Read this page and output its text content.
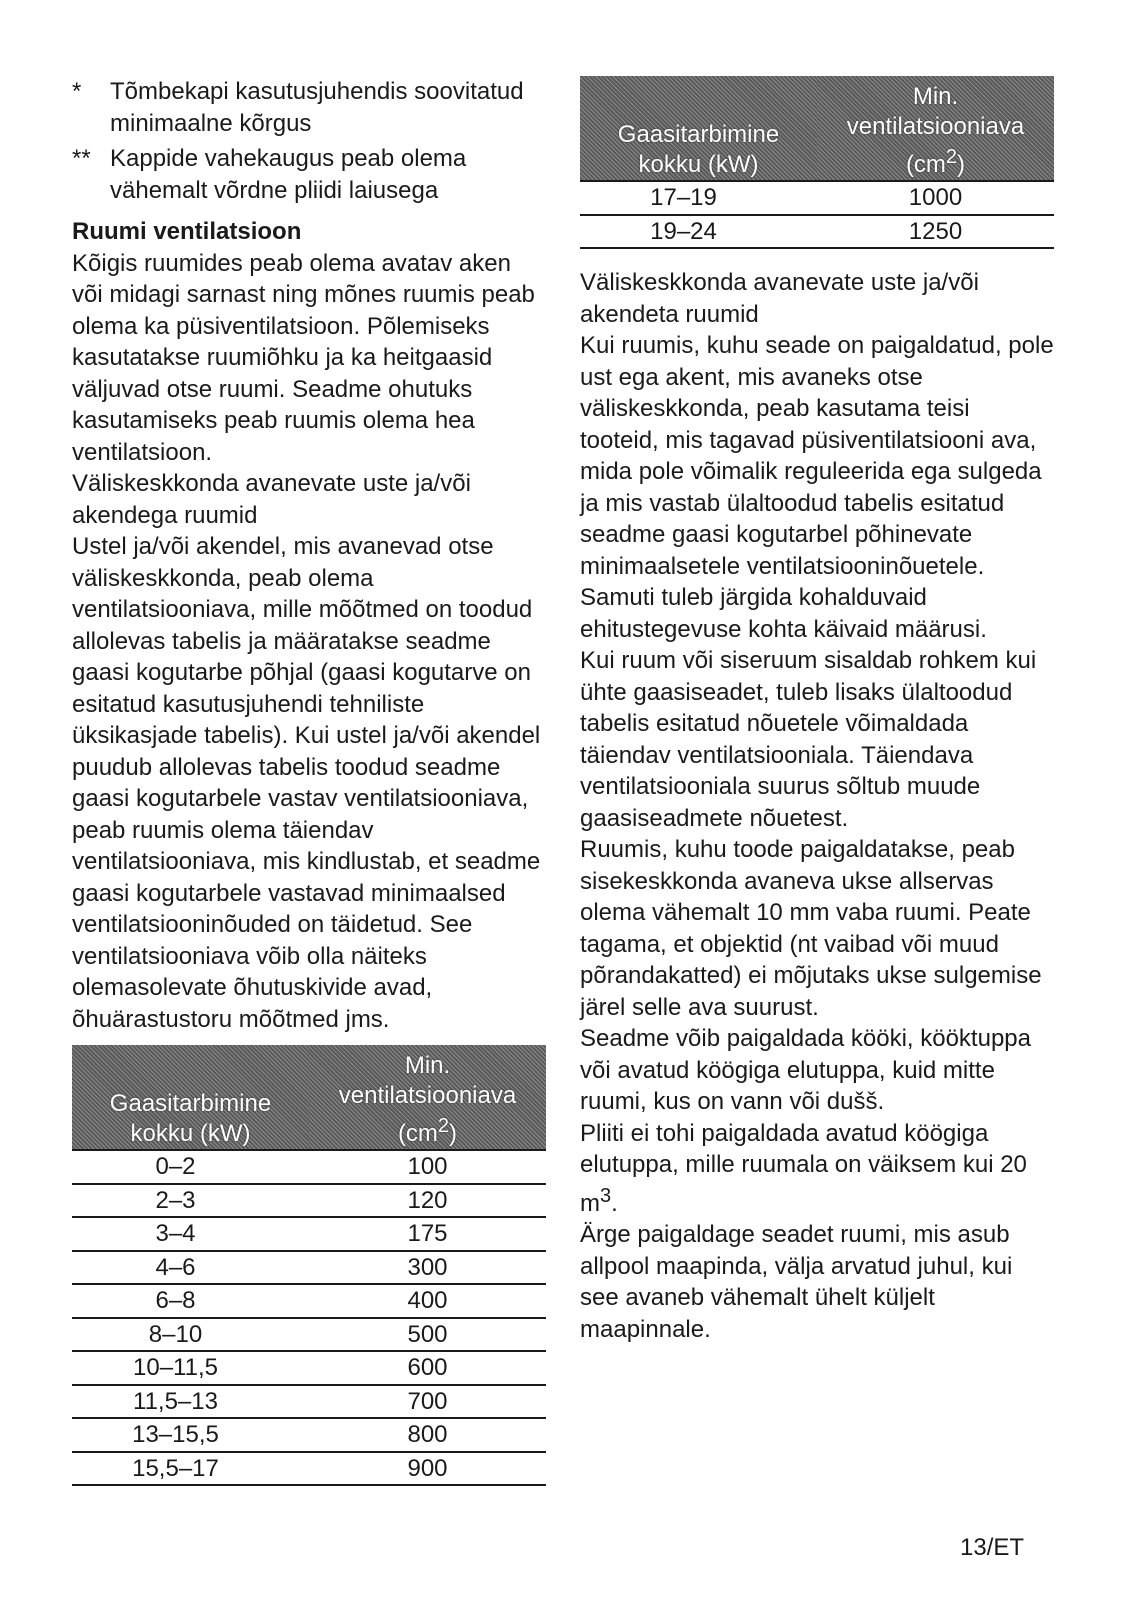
*	Tõmbekapi kasutusjuhendis soovitatud minimaalne kõrgus
** Kappide vahekaugus peab olema vähemalt võrdne pliidi laiusega
Ruumi ventilatsioon

Kõigis ruumides peab olema avatav aken või midagi sarnast ning mõnes ruumis peab olema ka püsiventilatsioon. Põlemiseks kasutatakse ruumiõhku ja ka heitgaasid väljuvad otse ruumi. Seadme ohutuks kasutamiseks peab ruumis olema hea ventilatsioon.

Väliskeskkonda avanevate uste ja/või akendega ruumid

Ustel ja/või akendel, mis avanevad otse väliskeskkonda, peab olema ventilatsiooniava, mille mõõtmed on toodud allolevas tabelis ja määratakse seadme gaasi kogutarbe põhjal (gaasi kogutarve on esitatud kasutusjuhendi tehniliste üksikasjade tabelis). Kui ustel ja/või akendel puudub allolevas tabelis toodud seadme gaasi kogutarbele vastav ventilatsiooniava, peab ruumis olema täiendav ventilatsiooniava, mis kindlustab, et seadme gaasi kogutarbele vastavad minimaalsed ventilatsiooninõuded on täidetud. See ventilatsiooniava võib olla näiteks olemasolevate õhutuskivide avad, õhuärastustoru mõõtmed jms.

Gaasitarbimine
kokku (kW)	Min.
ventilatsiooniava
$(cm^2)$
0–2	100
2–3	120
3–4	175
4–6	300
6–8	400
8–10	500
10–11,5	600
11,5–13	700
13–15,5	800
15,5–17	900
Gaasitarbimine
kokku (kW)	Min.
ventilatsiooniava
$(cm^2)$
17–19	1000
19–24	1250
Väliskeskkonda avanevate uste ja/või akendeta ruumid

Kui ruumis, kuhu seade on paigaldatud, pole ust ega akent, mis avaneks otse väliskeskkonda, peab kasutama teisi tooteid, mis tagavad püsiventilatsiooni ava, mida pole võimalik reguleerida ega sulgeda ja mis vastab ülaltoodud tabelis esitatud seadme gaasi kogutarbel põhinevate minimaalsetele ventilatsiooninõuetele. Samuti tuleb järgida kohalduvaid ehitustegevuse kohta käivaid määrusi.

Kui ruum või siseruum sisaldab rohkem kui ühte gaasiseadet, tuleb lisaks ülaltoodud tabelis esitatud nõuetele võimaldada täiendav ventilatsiooniala. Täiendava ventilatsiooniala suurus sõltub muude gaasiseadmete nõuetest.

Ruumis, kuhu toode paigaldatakse, peab sisekeskkonda avaneva ukse allservas olema vähemalt 10 mm vaba ruumi. Peate tagama, et objektid (nt vaibad või muud põrandakatted) ei mõjutaks ukse sulgemise järel selle ava suurust.

Seadme võib paigaldada kööki, kööktuppa või avatud köögiga elutuppa, kuid mitte ruumi, kus on vann või dušš.

Pliiti ei tohi paigaldada avatud köögiga elutuppa, mille ruumala on väiksem kui 20 $m^3$.

Ärge paigaldage seadet ruumi, mis asub allpool maapinda, välja arvatud juhul, kui see avaneb vähemalt ühelt küljelt maapinnale.

13/ET
